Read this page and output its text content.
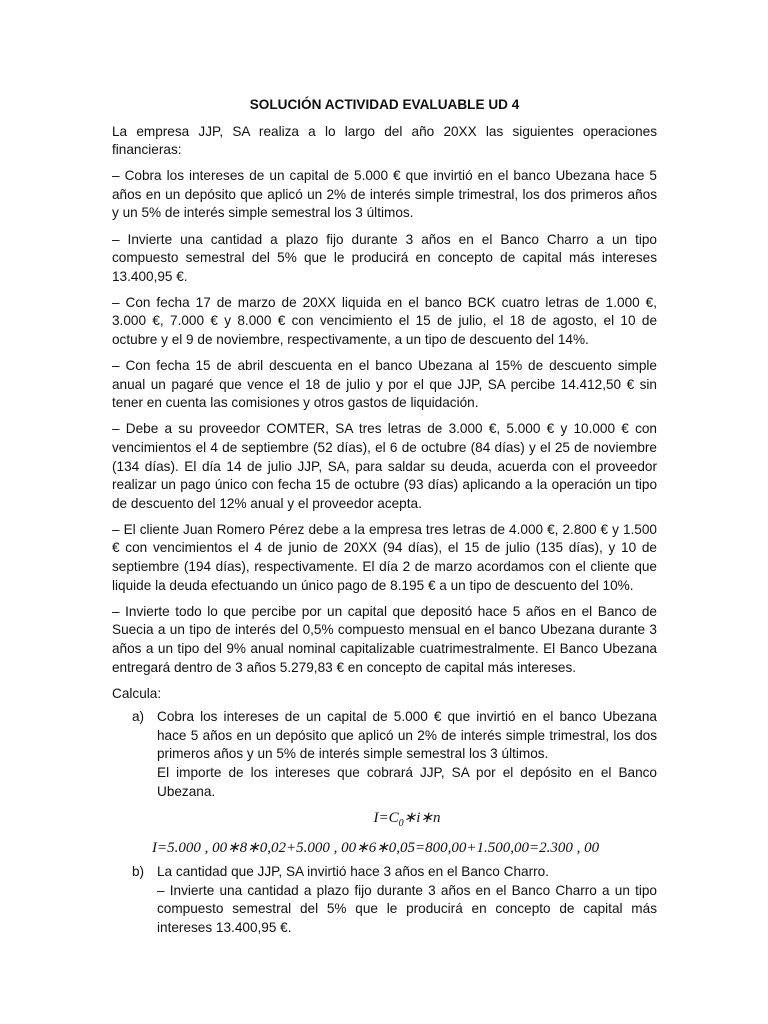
SOLUCIÓN ACTIVIDAD EVALUABLE UD 4

La empresa JJP, SA realiza a lo largo del año 20XX las siguientes operaciones financieras:

– Cobra los intereses de un capital de 5.000 € que invirtió en el banco Ubezana hace 5 años en un depósito que aplicó un 2% de interés simple trimestral, los dos primeros años y un 5% de interés simple semestral los 3 últimos.

– Invierte una cantidad a plazo fijo durante 3 años en el Banco Charro a un tipo compuesto semestral del 5% que le producirá en concepto de capital más intereses 13.400,95 €.

– Con fecha 17 de marzo de 20XX liquida en el banco BCK cuatro letras de 1.000 €, 3.000 €, 7.000 € y 8.000 € con vencimiento el 15 de julio, el 18 de agosto, el 10 de octubre y el 9 de noviembre, respectivamente, a un tipo de descuento del 14%.

– Con fecha 15 de abril descuenta en el banco Ubezana al 15% de descuento simple anual un pagaré que vence el 18 de julio y por el que JJP, SA percibe 14.412,50 € sin tener en cuenta las comisiones y otros gastos de liquidación.

– Debe a su proveedor COMTER, SA tres letras de 3.000 €, 5.000 € y 10.000 € con vencimientos el 4 de septiembre (52 días), el 6 de octubre (84 días) y el 25 de noviembre (134 días). El día 14 de julio JJP, SA, para saldar su deuda, acuerda con el proveedor realizar un pago único con fecha 15 de octubre (93 días) aplicando a la operación un tipo de descuento del 12% anual y el proveedor acepta.

– El cliente Juan Romero Pérez debe a la empresa tres letras de 4.000 €, 2.800 € y 1.500 € con vencimientos el 4 de junio de 20XX (94 días), el 15 de julio (135 días), y 10 de septiembre (194 días), respectivamente. El día 2 de marzo acordamos con el cliente que liquide la deuda efectuando un único pago de 8.195 € a un tipo de descuento del 10%.

– Invierte todo lo que percibe por un capital que depositó hace 5 años en el Banco de Suecia a un tipo de interés del 0,5% compuesto mensual en el banco Ubezana durante 3 años a un tipo del 9% anual nominal capitalizable cuatrimestralmente. El Banco Ubezana entregará dentro de 3 años 5.279,83 € en concepto de capital más intereses.

Calcula:
a) Cobra los intereses de un capital de 5.000 € que invirtió en el banco Ubezana hace 5 años en un depósito que aplicó un 2% de interés simple trimestral, los dos primeros años y un 5% de interés simple semestral los 3 últimos.
El importe de los intereses que cobrará JJP, SA por el depósito en el Banco Ubezana.
$I=C_0∗i∗n$
I=5.000 , 00∗8∗0,02+5.000 , 00∗6∗0,05=800,00+1.500,00=2.300 , 00
b) La cantidad que JJP, SA invirtió hace 3 años en el Banco Charro.
– Invierte una cantidad a plazo fijo durante 3 años en el Banco Charro a un tipo compuesto semestral del 5% que le producirá en concepto de capital más intereses 13.400,95 €.
